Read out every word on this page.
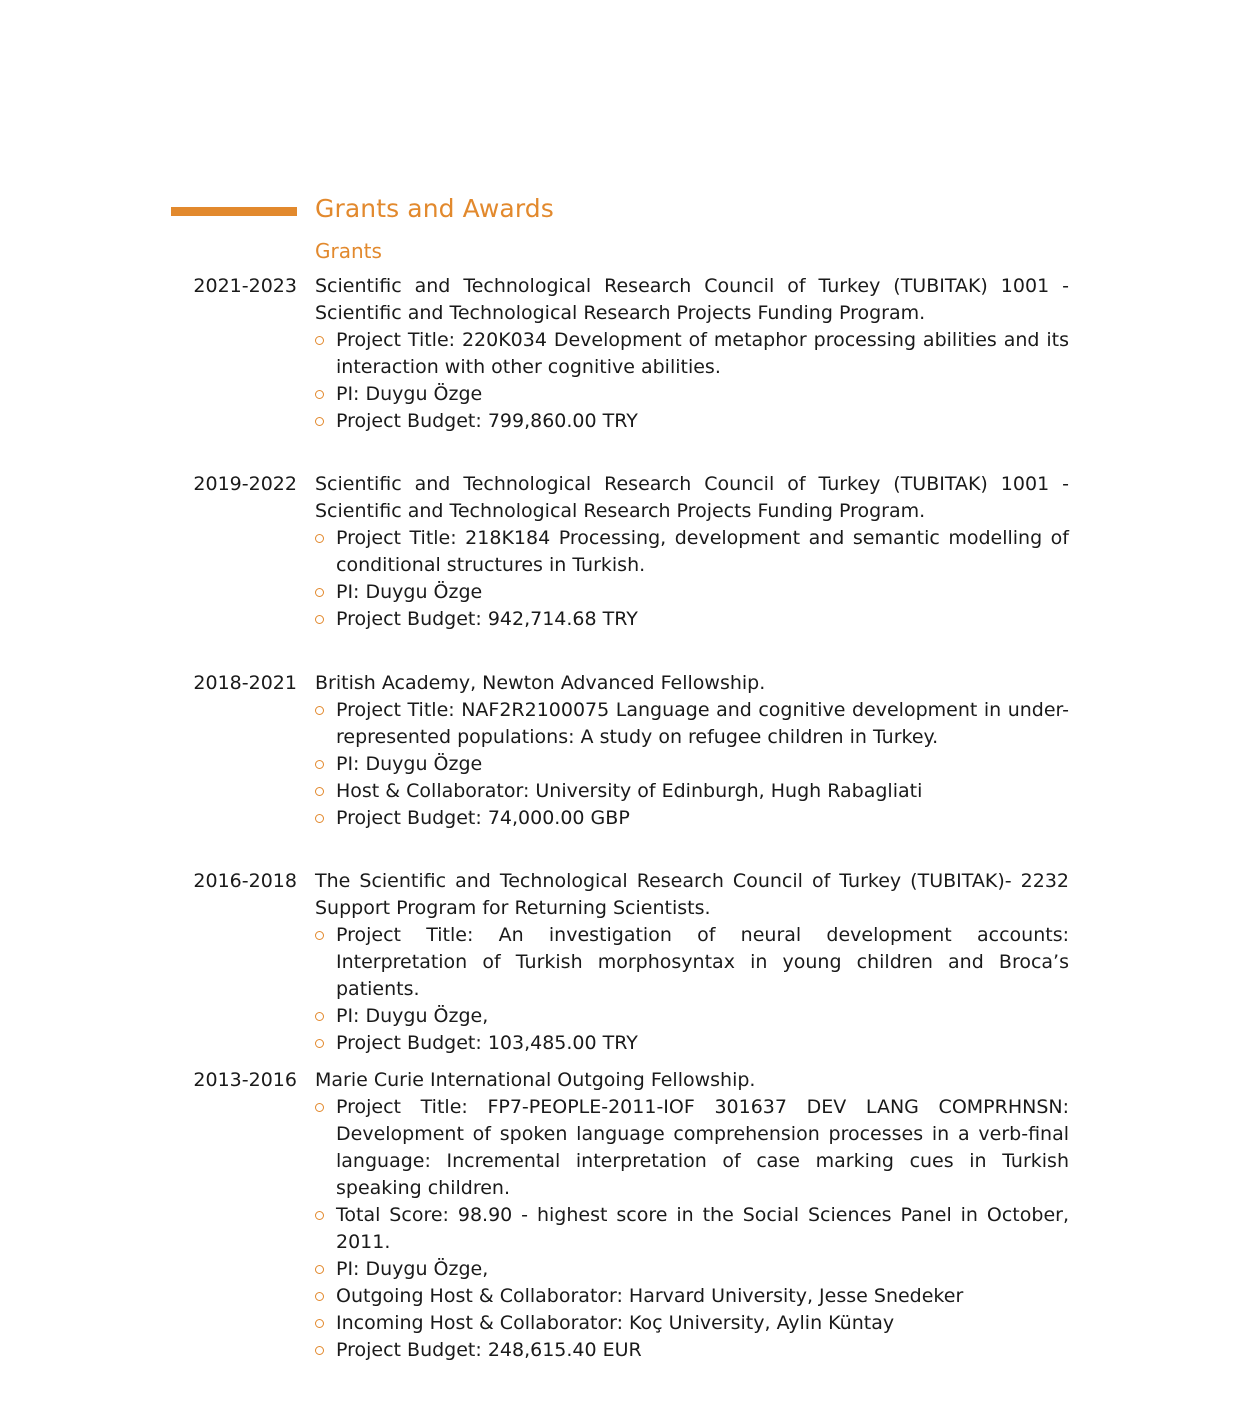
Grants and Awards
Grants
2021-2023 Scientific and Technological Research Council of Turkey (TUBITAK) 1001 - Scientific and Technological Research Projects Funding Program.

Project Title: 220K034 Development of metaphor processing abilities and its interaction with other cognitive abilities.
PI: Duygu Özge
Project Budget: 799,860.00 TRY
2019-2022 Scientific and Technological Research Council of Turkey (TUBITAK) 1001 - Scientific and Technological Research Projects Funding Program.

Project Title: 218K184 Processing, development and semantic modelling of conditional structures in Turkish.
PI: Duygu Özge
Project Budget: 942,714.68 TRY
2018-2021 British Academy, Newton Advanced Fellowship.

Project Title: NAF2R2100075 Language and cognitive development in under-represented populations: A study on refugee children in Turkey.
PI: Duygu Özge
Host & Collaborator: University of Edinburgh, Hugh Rabagliati
Project Budget: 74,000.00 GBP
2016-2018 The Scientific and Technological Research Council of Turkey (TUBITAK)- 2232 Support Program for Returning Scientists.

Project Title: An investigation of neural development accounts: Interpretation of Turkish morphosyntax in young children and Broca’s patients.
PI: Duygu Özge,
Project Budget: 103,485.00 TRY
2013-2016 Marie Curie International Outgoing Fellowship.

Project Title: FP7-PEOPLE-2011-IOF 301637 DEV LANG COMPRHNSN: Development of spoken language comprehension processes in a verb-final language: Incremental interpretation of case marking cues in Turkish speaking children.
Total Score: 98.90 - highest score in the Social Sciences Panel in October, 2011.
PI: Duygu Özge,
Outgoing Host & Collaborator: Harvard University, Jesse Snedeker
Incoming Host & Collaborator: Koç University, Aylin Küntay
Project Budget: 248,615.40 EUR
